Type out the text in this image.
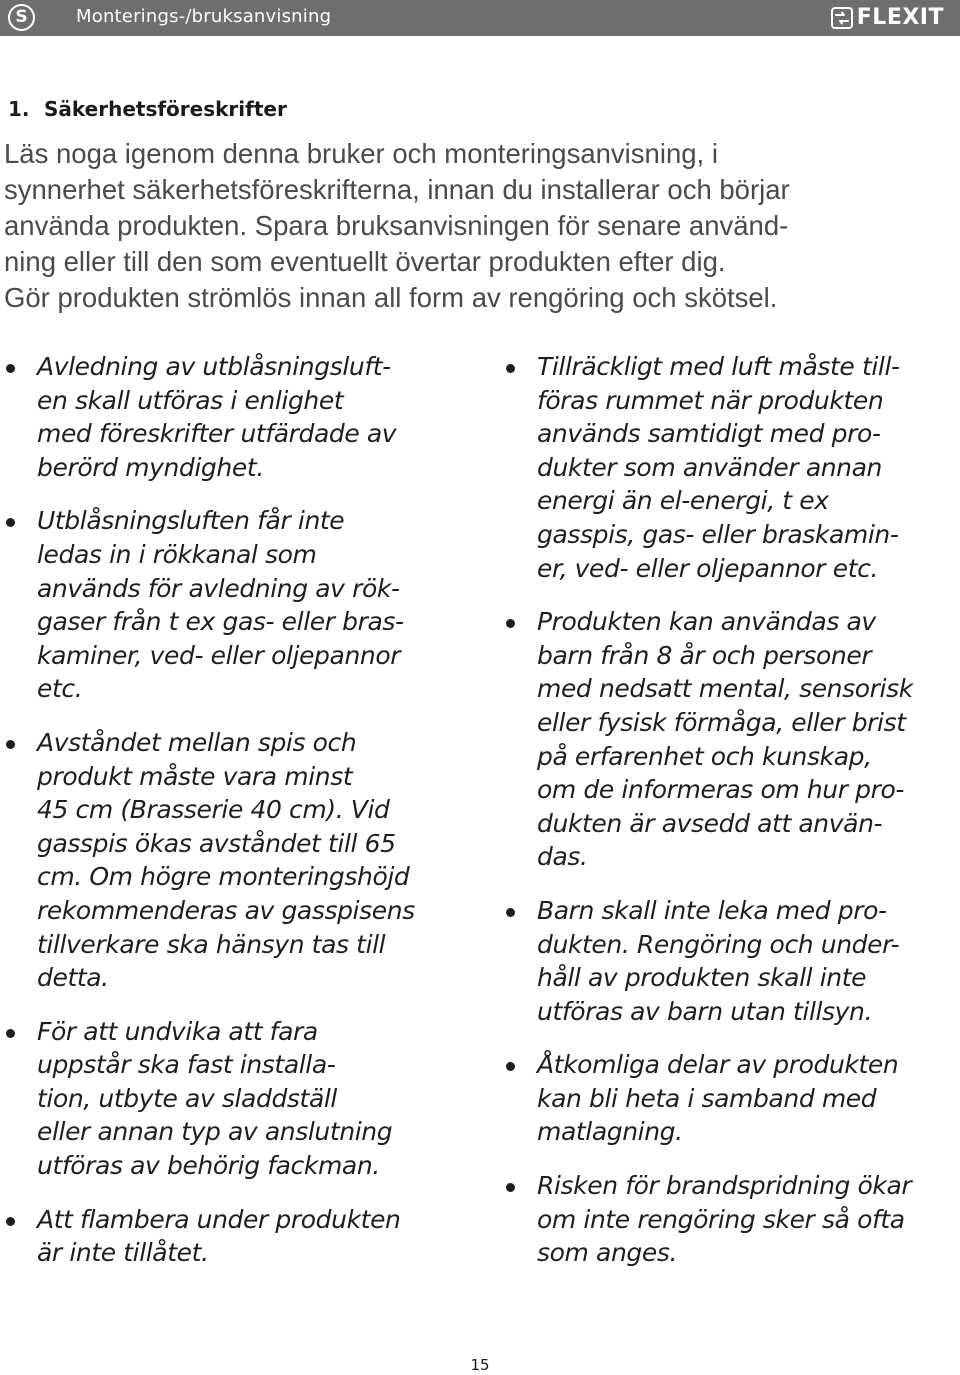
S	Monterings-/bruksanvisning	FLEXIT
1. Säkerhetsföreskrifter

Läs noga igenom denna bruker och monteringsanvisning, i
synnerhet säkerhetsföreskrifterna, innan du installerar och börjar
använda produkten. Spara bruksanvisningen för senare använd-
ning eller till den som eventuellt övertar produkten efter dig.
Gör produkten strömlös innan all form av rengöring och skötsel.

Avledning av utblåsningsluft-
en skall utföras i enlighet
med föreskrifter utfärdade av
berörd myndighet.
Utblåsningsluften får inte
ledas in i rökkanal som
används för avledning av rök-
gaser från t ex gas- eller bras-
kaminer, ved- eller oljepannor
etc.
Avståndet mellan spis och
produkt måste vara minst
45 cm (Brasserie 40 cm). Vid
gasspis ökas avståndet till 65
cm. Om högre monteringshöjd
rekommenderas av gasspisens
tillverkare ska hänsyn tas till
detta.
För att undvika att fara
uppstår ska fast installa-
tion, utbyte av sladdställ
eller annan typ av anslutning
utföras av behörig fackman.
Att flambera under produkten
är inte tillåtet.
Tillräckligt med luft måste till-
föras rummet när produkten
används samtidigt med pro-
dukter som använder annan
energi än el-energi, t ex
gasspis, gas- eller braskamin-
er, ved- eller oljepannor etc.
Produkten kan användas av
barn från 8 år och personer
med nedsatt mental, sensorisk
eller fysisk förmåga, eller brist
på erfarenhet och kunskap,
om de informeras om hur pro-
dukten är avsedd att använ-
das.
Barn skall inte leka med pro-
dukten. Rengöring och under-
håll av produkten skall inte
utföras av barn utan tillsyn.
Åtkomliga delar av produkten
kan bli heta i samband med
matlagning.
Risken för brandspridning ökar
om inte rengöring sker så ofta
som anges.
15
